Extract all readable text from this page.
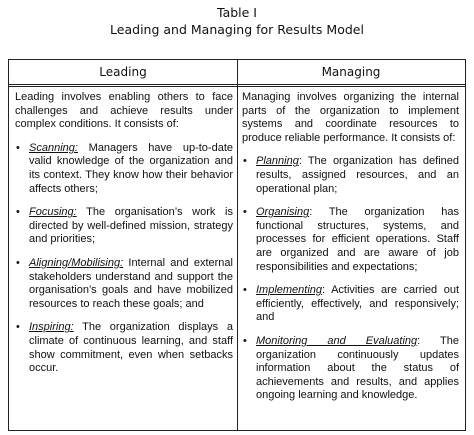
Table I
Leading and Managing for Results Model
Leading	Managing

Leading involves enabling others to face challenges and achieve results under complex conditions. It consists of:

• Scanning: Managers have up-to-date valid knowledge of the organization and its context. They know how their behavior affects others;
• Focusing: The organisation’s work is directed by well-defined mission, strategy and priorities;
• Aligning/Mobilising: Internal and external stakeholders understand and support the organisation’s goals and have mobilized resources to reach these goals; and
• Inspiring: The organization displays a climate of continuous learning, and staff show commitment, even when setbacks occur.

Managing involves organizing the internal parts of the organization to implement systems and coordinate resources to produce reliable performance. It consists of:

• Planning: The organization has defined results, assigned resources, and an operational plan;
• Organising: The organization has functional structures, systems, and processes for efficient operations. Staff are organized and are aware of job responsibilities and expectations;
• Implementing: Activities are carried out efficiently, effectively, and responsively; and
• Monitoring and Evaluating: The organization continuously updates information about the status of achievements and results, and applies ongoing learning and knowledge.
